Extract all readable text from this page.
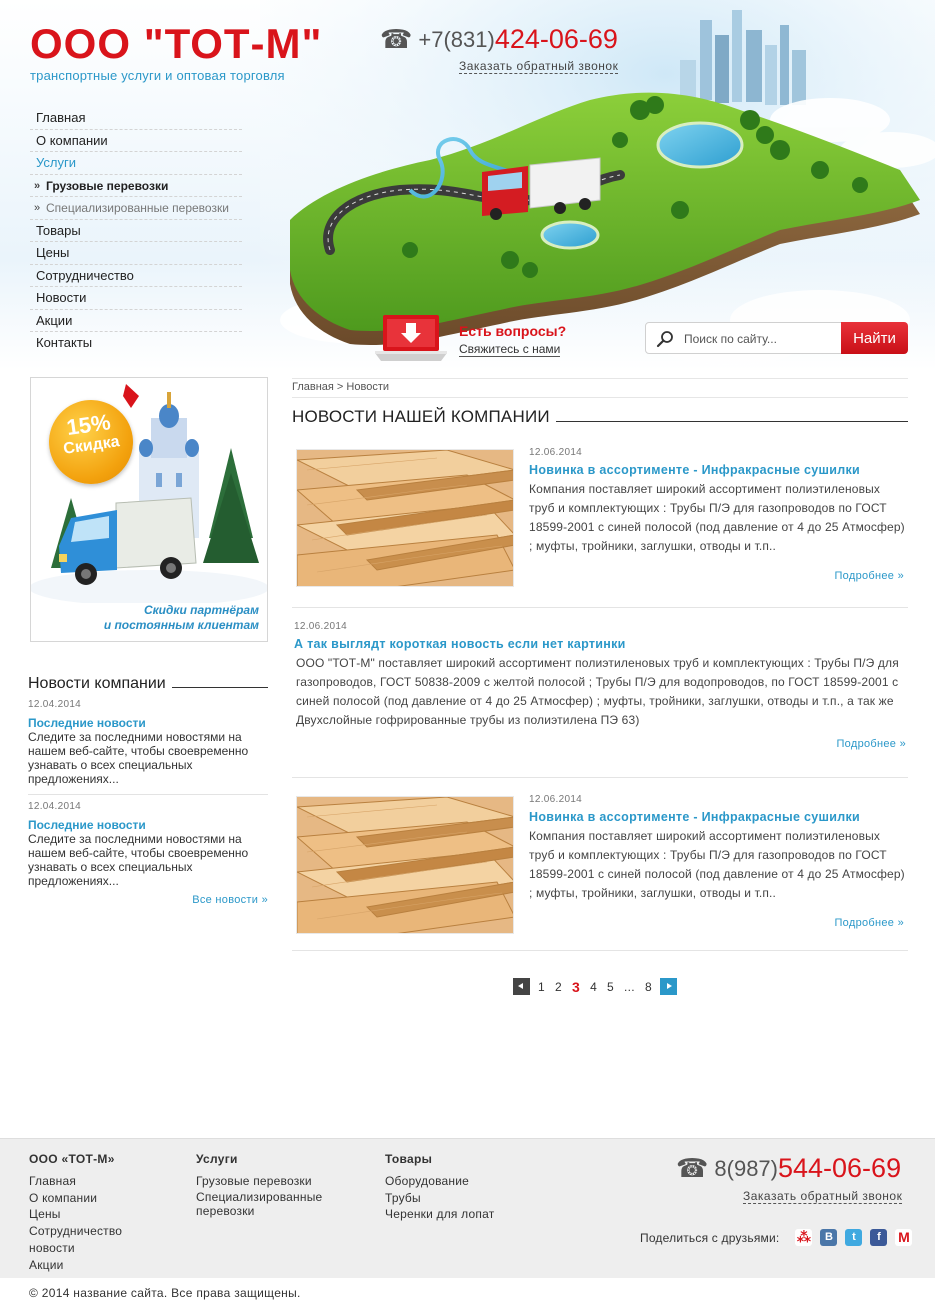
ООО "ТОТ-М"
транспортные услуги и оптовая торговля
☎ +7(831)424-06-69
Заказать обратный звонок
Главная
О компании
Услуги
» Грузовые перевозки
» Специализированные перевозки
Товары
Цены
Сотрудничество
Новости
Акции
Контакты
Есть вопросы?
Свяжитесь с нами
Поиск по сайту...
Найти
15%
Скидка
Скидки партнёрам
и постоянным клиентам
Новости компании
12.04.2014
Последние новости
Следите за последними новостями на нашем веб-сайте, чтобы своевременно узнавать о всех специальных предложениях...
12.04.2014
Последние новости
Следите за последними новостями на нашем веб-сайте, чтобы своевременно узнавать о всех специальных предложениях...
Все новости »
Главная > Новости
НОВОСТИ НАШЕЙ КОМПАНИИ
12.06.2014
Новинка в ассортименте - Инфракрасные сушилки
Компания поставляет широкий ассортимент полиэтиленовых труб и комплектующих : Трубы П/Э для газопроводов по ГОСТ 18599-2001 с синей полосой (под давление от 4 до 25 Атмосфер) ; муфты, тройники, заглушки, отводы и т.п..
Подробнее »
12.06.2014
А так выглядт короткая новость если нет картинки
ООО "ТОТ-М" поставляет широкий ассортимент полиэтиленовых труб и комплектующих : Трубы П/Э для газопроводов, ГОСТ 50838-2009 с желтой полосой ; Трубы П/Э для водопроводов, по ГОСТ 18599-2001 с синей полосой (под давление от 4 до 25 Атмосфер) ; муфты, тройники, заглушки, отводы и т.п., а так же Двухслойные гофрированные трубы из полиэтилена ПЭ 63)
Подробнее »
12.06.2014
Новинка в ассортименте - Инфракрасные сушилки
Компания поставляет широкий ассортимент полиэтиленовых труб и комплектующих : Трубы П/Э для газопроводов по ГОСТ 18599-2001 с синей полосой (под давление от 4 до 25 Атмосфер) ; муфты, тройники, заглушки, отводы и т.п..
Подробнее »
1 2 3 4 5 ... 8
ООО «ТОТ-М»
Главная
О компании
Цены
Сотрудничество
новости
Акции
Услуги
Грузовые перевозки
Специализированные перевозки
Товары
Оборудование
Трубы
Черенки для лопат
☎ 8(987)544-06-69
Заказать обратный звонок
Поделиться с друзьями: ⁂	В	t	f	M
© 2014 название сайта. Все права защищены.
